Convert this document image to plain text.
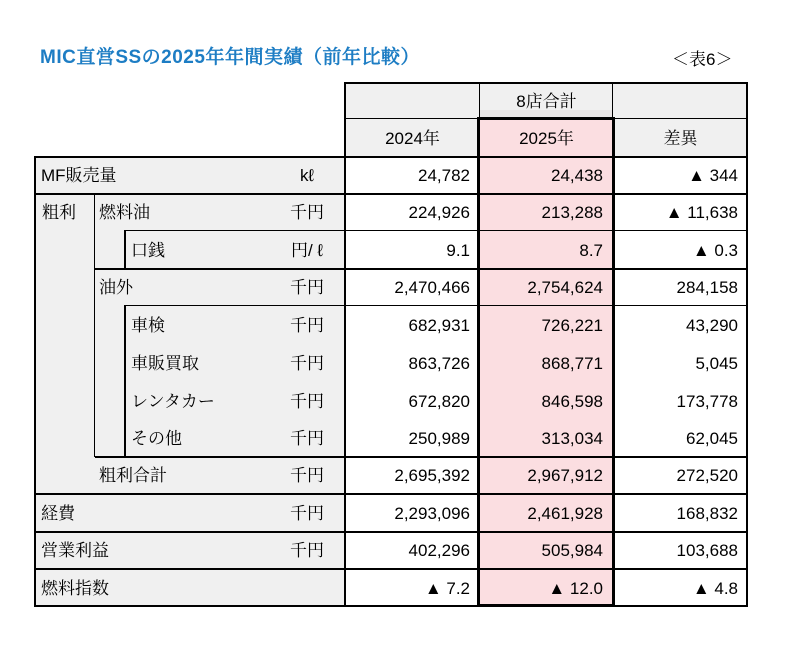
MIC直営SSの2025年年間実績（前年比較）	＜表6＞
8店合計
2024年	2025年	差異
粗利
MF販売量	kℓ	24,782	24,438	▲ 344
燃料油	千円	224,926	213,288	▲ 11,638
口銭	円/ ℓ	9.1	8.7	▲ 0.3
油外	千円	2,470,466	2,754,624	284,158
車検	千円	682,931	726,221	43,290
車販買取	千円	863,726	868,771	5,045
レンタカー	千円	672,820	846,598	173,778
その他	千円	250,989	313,034	62,045
粗利合計	千円	2,695,392	2,967,912	272,520
経費	千円	2,293,096	2,461,928	168,832
営業利益	千円	402,296	505,984	103,688
燃料指数	▲ 7.2	▲ 12.0	▲ 4.8
